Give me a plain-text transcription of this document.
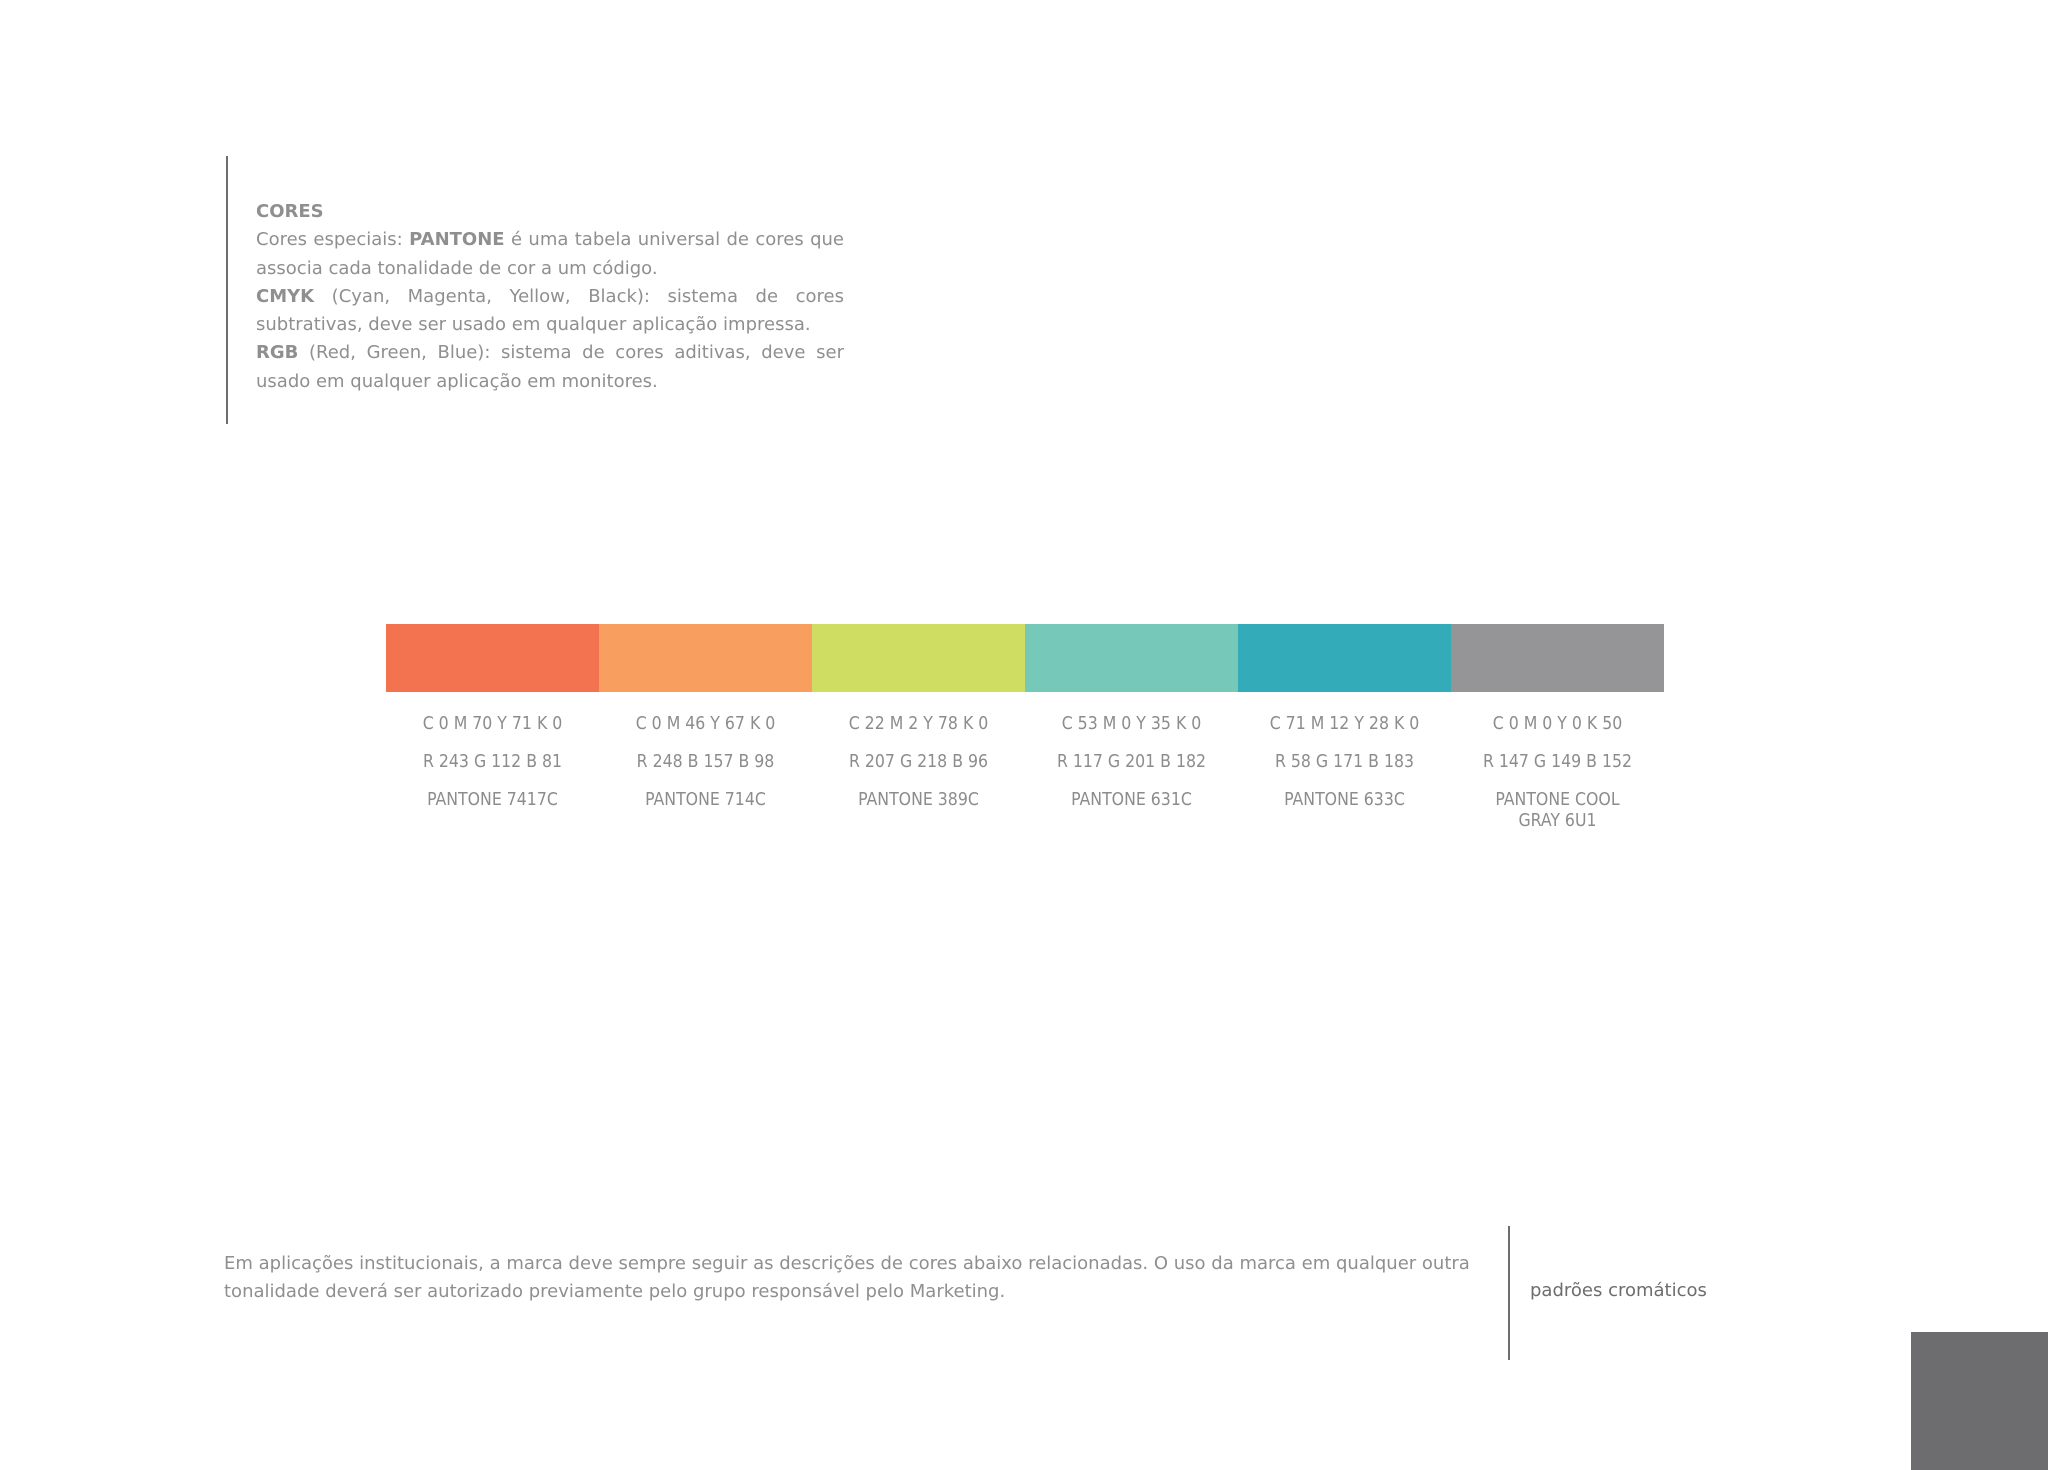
CORES

Cores especiais: PANTONE é uma tabela universal de cores que associa cada tonalidade de cor a um código.

CMYK (Cyan, Magenta, Yellow, Black): sistema de cores subtrativas, deve ser usado em qualquer aplicação impressa.

RGB (Red, Green, Blue): sistema de cores aditivas, deve ser usado em qualquer aplicação em monitores.

C 0 M 70 Y 71 K 0
R 243 G 112 B 81
PANTONE 7417C
C 0 M 46 Y 67 K 0
R 248 B 157 B 98
PANTONE 714C
C 22 M 2 Y 78 K 0
R 207 G 218 B 96
PANTONE 389C
C 53 M 0 Y 35 K 0
R 117 G 201 B 182
PANTONE 631C
C 71 M 12 Y 28 K 0
R 58 G 171 B 183
PANTONE 633C
C 0 M 0 Y 0 K 50
R 147 G 149 B 152
PANTONE COOL GRAY 6U1
Em aplicações institucionais, a marca deve sempre seguir as descrições de cores abaixo relacionadas. O uso da marca em qualquer outra tonalidade deverá ser autorizado previamente pelo grupo responsável pelo Marketing.	padrões cromáticos
